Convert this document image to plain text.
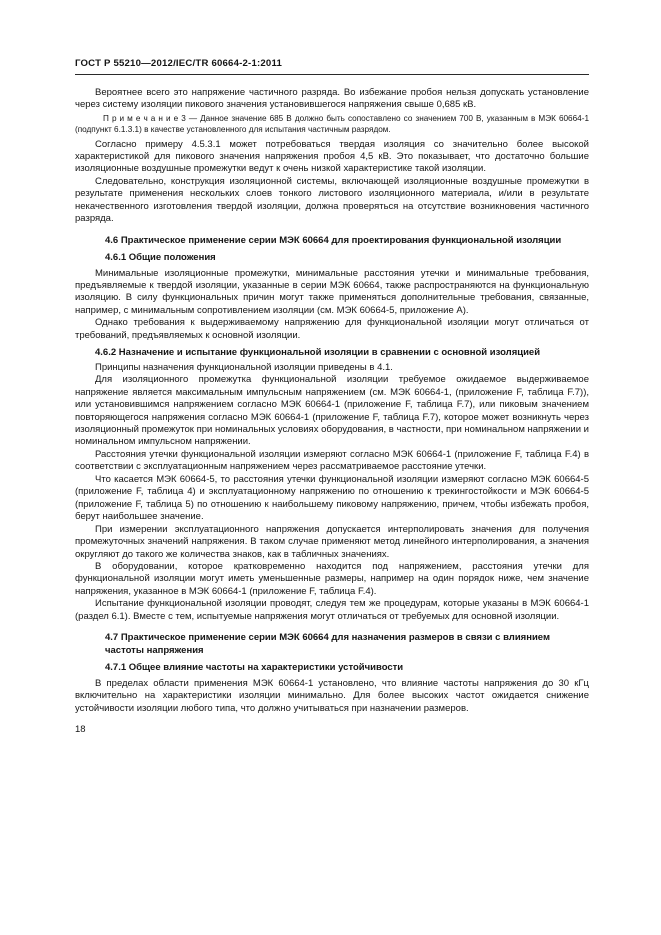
ГОСТ Р 55210—2012/IEC/TR 60664-2-1:2011

Вероятнее всего это напряжение частичного разряда. Во избежание пробоя нельзя допускать установление через систему изоляции пикового значения установившегося напряжения свыше 0,685 кВ.

П р и м е ч а н и е 3 — Данное значение 685 В должно быть сопоставлено со значением 700 В, указанным в МЭК 60664-1 (подпункт 6.1.3.1) в качестве установленного для испытания частичным разрядом.

Согласно примеру 4.5.3.1 может потребоваться твердая изоляция со значительно более высокой характеристикой для пикового значения напряжения пробоя 4,5 кВ. Это показывает, что достаточно большие изоляционные воздушные промежутки ведут к очень низкой характеристике такой изоляции.

Следовательно, конструкция изоляционной системы, включающей изоляционные воздушные промежутки в результате применения нескольких слоев тонкого листового изоляционного материала, и/или в результате некачественного изготовления твердой изоляции, должна проверяться на отсутствие возникновения частичного разряда.

4.6 Практическое применение серии МЭК 60664 для проектирования функциональной изоляции

4.6.1 Общие положения

Минимальные изоляционные промежутки, минимальные расстояния утечки и минимальные требования, предъявляемые к твердой изоляции, указанные в серии МЭК 60664, также распространяются на функциональную изоляцию. В силу функциональных причин могут также применяться дополнительные требования, связанные, например, с минимальным сопротивлением изоляции (см. МЭК 60664-5, приложение А).

Однако требования к выдерживаемому напряжению для функциональной изоляции могут отличаться от требований, предъявляемых к основной изоляции.

4.6.2 Назначение и испытание функциональной изоляции в сравнении с основной изоляцией

Принципы назначения функциональной изоляции приведены в 4.1.

Для изоляционного промежутка функциональной изоляции требуемое ожидаемое выдерживаемое напряжение является максимальным импульсным напряжением (см. МЭК 60664-1, (приложение F, таблица F.7)), или установившимся напряжением согласно МЭК 60664-1 (приложение F, таблица F.7), или пиковым значением повторяющегося напряжения согласно МЭК 60664-1 (приложение F, таблица F.7), которое может возникнуть через изоляционный промежуток при номинальных условиях оборудования, в частности, при номинальном напряжении и номинальном импульсном напряжении.

Расстояния утечки функциональной изоляции измеряют согласно МЭК 60664-1 (приложение F, таблица F.4) в соответствии с эксплуатационным напряжением через рассматриваемое расстояние утечки.

Что касается МЭК 60664-5, то расстояния утечки функциональной изоляции измеряют согласно МЭК 60664-5 (приложение F, таблица 4) и эксплуатационному напряжению по отношению к трекингостойкости и МЭК 60664-5 (приложение F, таблица 5) по отношению к наибольшему пиковому напряжению, причем, чтобы избежать пробоя, берут наибольшее значение.

При измерении эксплуатационного напряжения допускается интерполировать значения для получения промежуточных значений напряжения. В таком случае применяют метод линейного интерполирования, а значения округляют до такого же количества знаков, как в табличных значениях.

В оборудовании, которое кратковременно находится под напряжением, расстояния утечки для функциональной изоляции могут иметь уменьшенные размеры, например на один порядок ниже, чем значение напряжения, указанное в МЭК 60664-1 (приложение F, таблица F.4).

Испытание функциональной изоляции проводят, следуя тем же процедурам, которые указаны в МЭК 60664-1 (раздел 6.1). Вместе с тем, испытуемые напряжения могут отличаться от требуемых для основной изоляции.

4.7 Практическое применение серии МЭК 60664 для назначения размеров в связи с влиянием частоты напряжения

4.7.1 Общее влияние частоты на характеристики устойчивости

В пределах области применения МЭК 60664-1 установлено, что влияние частоты напряжения до 30 кГц включительно на характеристики изоляции минимально. Для более высоких частот ожидается снижение устойчивости изоляции любого типа, что должно учитываться при назначении размеров.

18
